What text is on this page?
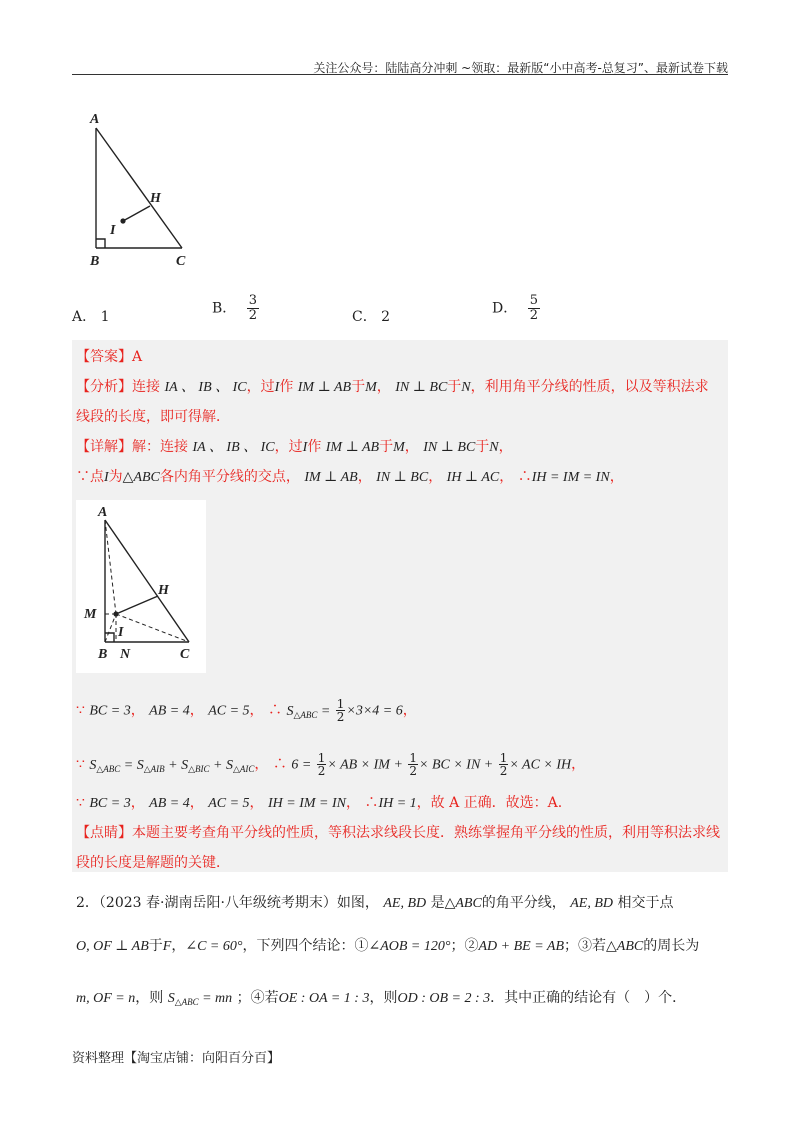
关注公众号：陆陆高分冲刺 ~领取：最新版“小中高考-总复习”、最新试卷下载
A
H
I
B	C
A． 1
B． $\frac{3}{2}$	C． 2
D． $\frac{5}{2}$
【答案】A
【分析】连接 IA 、 IB 、 IC，过I作 IM ⊥ AB于M， IN ⊥ BC于N，利用角平分线的性质，以及等积法求
线段的长度，即可得解．
【详解】解：连接 IA 、 IB 、 IC，过I作 IM ⊥ AB于M， IN ⊥ BC于N，
∵点I为△ABC各内角平分线的交点， IM ⊥ AB， IN ⊥ BC， IH ⊥ AC， ∴IH = IM = IN，
A
H
M
I
B N	C
∵ BC = 3， AB = 4， AC = 5， ∴ $S_{\triangle ABC} = \frac{1}{2} \times 3\times 4 = 6$，
∵ $S_{\triangle ABC} = S_{\triangle AIB} + S_{\triangle BIC} + S_{\triangle AIC}$， ∴ $6 = \frac{1}{2}$ × AB × IM + $\frac{1}{2}$ × BC × IN + $\frac{1}{2}$ × AC × IH，
∵ BC = 3， AB = 4， AC = 5， IH = IM = IN， ∴IH = 1，故 A 正确．故选：A.
【点睛】本题主要考查角平分线的性质，等积法求线段长度．熟练掌握角平分线的性质，利用等积法求线
段的长度是解题的关键．
2．（2023 春·湖南岳阳·八年级统考期末）如图， AE, BD 是△ABC的角平分线， AE, BD 相交于点
O, OF ⊥ AB于F，∠C = 60°，下列四个结论：①∠AOB = 120°；②AD + BE = AB；③若△ABC的周长为
m, OF = n，则 $S_{\triangle ABC}$ = mn ；④若OE : OA = 1 : 3，则OD : OB = 2 : 3．其中正确的结论有（　）个．
资料整理【淘宝店铺：向阳百分百】
